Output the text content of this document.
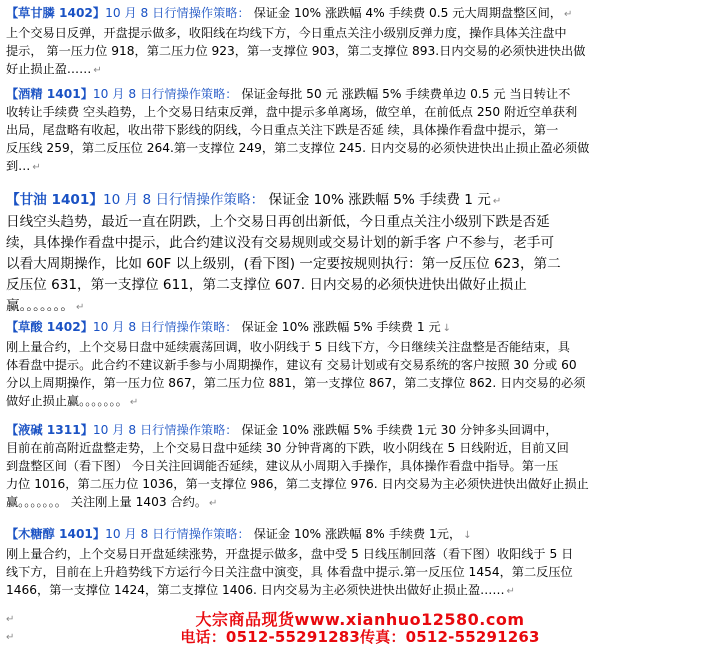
【草甘膦 1402】10 月 8 日行情操作策略： 保证金 10% 涨跌幅 4% 手续费 0.5 元大周期盘整区间， ↵

上个交易日反弹，开盘提示做多，收阳线在均线下方，今日重点关注小级别反弹力度，操作具体关注盘中

提示， 第一压力位 918，第二压力位 923，第一支撑位 903，第二支撑位 893.日内交易的必须快进快出做

好止损止盈…… ↵

【酒精 1401】10 月 8 日行情操作策略： 保证金每批 50 元 涨跌幅 5% 手续费单边 0.5 元 当日转让不

收转让手续费 空头趋势，上个交易日结束反弹，盘中提示多单离场，做空单，在前低点 250 附近空单获利

出局，尾盘略有收起，收出带下影线的阴线，今日重点关注下跌是否延 续，具体操作看盘中提示，第一

反压线 259，第二反压位 264.第一支撑位 249，第二支撑位 245. 日内交易的必须快进快出止损止盈必须做

到… ↵

【甘油 1401】10 月 8 日行情操作策略： 保证金 10% 涨跌幅 5% 手续费 1 元 ↵

日线空头趋势，最近一直在阴跌，上个交易日再创出新低，今日重点关注小级别下跌是否延

续，具体操作看盘中提示，此合约建议没有交易规则或交易计划的新手客 户不参与，老手可

以看大周期操作，比如 60F 以上级别，(看下图) 一定要按规则执行：第一反压位 623，第二

反压位 631，第一支撑位 611，第二支撑位 607. 日内交易的必须快进快出做好止损止

赢。。。。。。。 ↵

【草酸 1402】10 月 8 日行情操作策略： 保证金 10% 涨跌幅 5% 手续费 1 元 ↓

刚上量合约，上个交易日盘中延续震荡回调，收小阴线于 5 日线下方，今日继续关注盘整是否能结束，具

体看盘中提示。此合约不建议新手参与小周期操作，建议有 交易计划或有交易系统的客户按照 30 分或 60

分以上周期操作，第一压力位 867，第二压力位 881，第一支撑位 867，第二支撑位 862. 日内交易的必须

做好止损止赢。。。。。。。 ↵

【液碱 1311】10 月 8 日行情操作策略： 保证金 10% 涨跌幅 5% 手续费 1元 30 分钟多头回调中，

目前在前高附近盘整走势，上个交易日盘中延续 30 分钟背离的下跌，收小阴线在 5 日线附近，目前又回

到盘整区间（看下图） 今日关注回调能否延续，建议从小周期入手操作，具体操作看盘中指导。第一压

力位 1016，第二压力位 1036，第一支撑位 986，第二支撑位 976. 日内交易为主必须快进快出做好止损止

赢。。。。。。。 关注刚上量 1403 合约。 ↵

【木糖醇 1401】10 月 8 日行情操作策略： 保证金 10% 涨跌幅 8% 手续费 1元， ↓

刚上量合约，上个交易日开盘延续涨势，开盘提示做多，盘中受 5 日线压制回落（看下图）收阳线于 5 日

线下方，目前在上升趋势线下方运行今日关注盘中演变，具 体看盘中提示.第一反压位 1454，第二反压位

1466，第一支撑位 1424，第二支撑位 1406. 日内交易为主必须快进快出做好止损止盈…… ↵

↵
↵
大宗商品现货www.xianhuo12580.com
电话：0512-55291283传真：0512-55291263
